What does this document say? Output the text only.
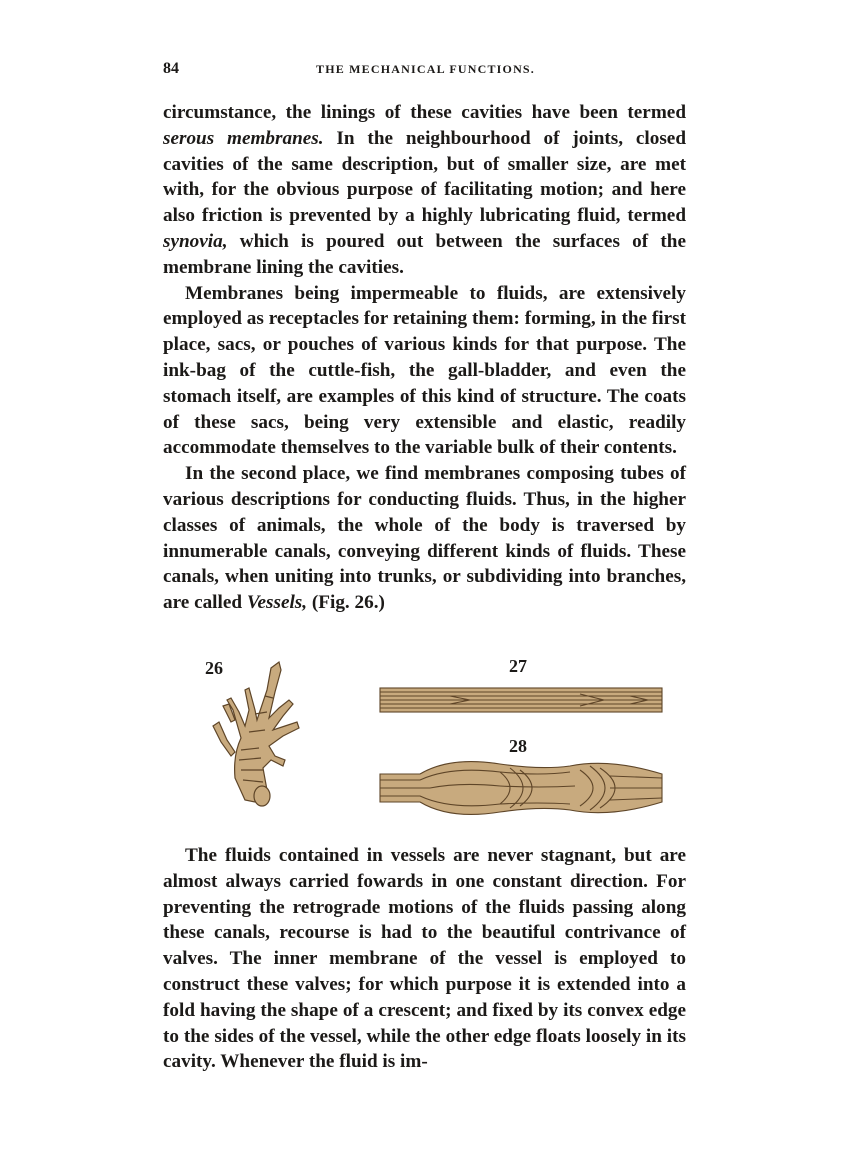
84	THE MECHANICAL FUNCTIONS.

circumstance, the linings of these cavities have been termed serous membranes. In the neighbourhood of joints, closed cavities of the same description, but of smaller size, are met with, for the obvious purpose of facilitating motion; and here also friction is prevented by a highly lubricating fluid, termed synovia, which is poured out between the surfaces of the membrane lining the cavities.

Membranes being impermeable to fluids, are extensively employed as receptacles for retaining them: forming, in the first place, sacs, or pouches of various kinds for that purpose. The ink-bag of the cuttle-fish, the gall-bladder, and even the stomach itself, are examples of this kind of structure. The coats of these sacs, being very extensible and elastic, readily accommodate themselves to the variable bulk of their contents.

In the second place, we find membranes composing tubes of various descriptions for conducting fluids. Thus, in the higher classes of animals, the whole of the body is traversed by innumerable canals, conveying different kinds of fluids. These canals, when uniting into trunks, or subdividing into branches, are called Vessels, (Fig. 26.)

26	27
28

The fluids contained in vessels are never stagnant, but are almost always carried fowards in one constant direction. For preventing the retrograde motions of the fluids passing along these canals, recourse is had to the beautiful contrivance of valves. The inner membrane of the vessel is employed to construct these valves; for which purpose it is extended into a fold having the shape of a crescent; and fixed by its convex edge to the sides of the vessel, while the other edge floats loosely in its cavity. Whenever the fluid is im-
